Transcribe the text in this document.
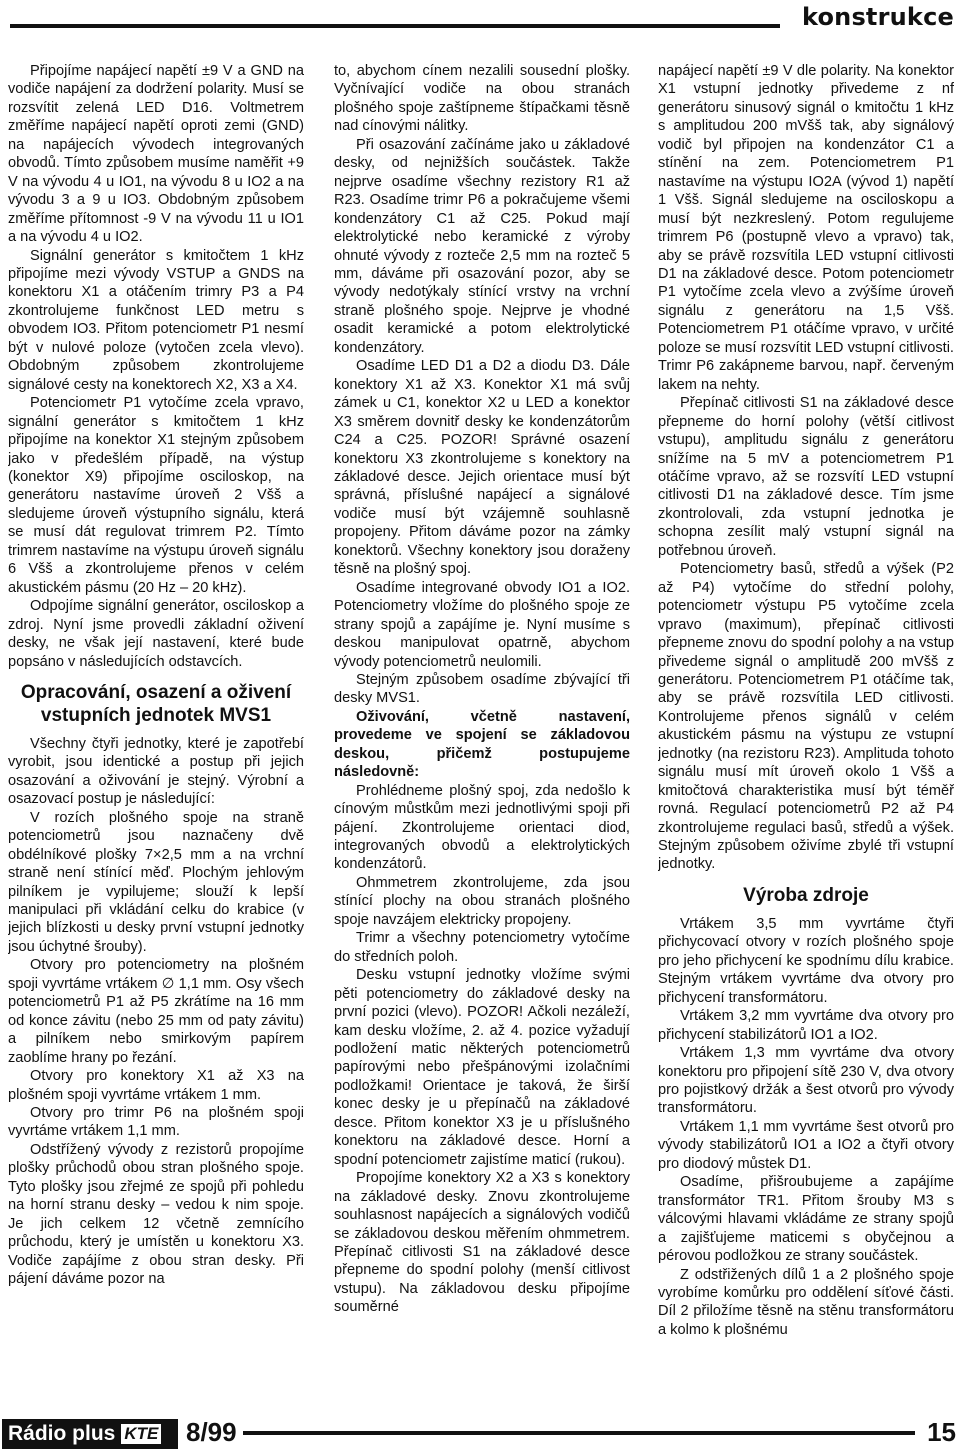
konstrukce

Připojíme napájecí napětí ±9 V a GND na vodiče napájení za dodržení polarity. Musí se rozsvítit zelená LED D16. Voltmetrem změříme napájecí napětí oproti zemi (GND) na napájecích vývodech integrovaných obvodů. Tímto způsobem musíme naměřit +9 V na vývodu 4 u IO1, na vývodu 8 u IO2 a na vývodu 3 a 9 u IO3. Obdobným způsobem změříme přítomnost -9 V na vývodu 11 u IO1 a na vývodu 4 u IO2.

Signální generátor s kmitočtem 1 kHz připojíme mezi vývody VSTUP a GNDS na konektoru X1 a otáčením trimry P3 a P4 zkontrolujeme funkčnost LED metru s obvodem IO3. Přitom potenciometr P1 nesmí být v nulové poloze (vytočen zcela vlevo). Obdobným způsobem zkontrolujeme signálové cesty na konektorech X2, X3 a X4.

Potenciometr P1 vytočíme zcela vpravo, signální generátor s kmitočtem 1 kHz připojíme na konektor X1 stejným způsobem jako v předešlém případě, na výstup (konektor X9) připojíme osciloskop, na generátoru nastavíme úroveň 2 Všš a sledujeme úroveň výstupního signálu, která se musí dát regulovat trimrem P2. Tímto trimrem nastavíme na výstupu úroveň signálu 6 Všš a zkontrolujeme přenos v celém akustickém pásmu (20 Hz – 20 kHz).

Odpojíme signální generátor, osciloskop a zdroj. Nyní jsme provedli základní oživení desky, ne však její nastavení, které bude popsáno v následujících odstavcích.

Opracování, osazení a oživení vstupních jednotek MVS1

Všechny čtyři jednotky, které je zapotřebí vyrobit, jsou identické a postup při jejich osazování a oživování je stejný. Výrobní a osazovací postup je následující:

V rozích plošného spoje na straně potenciometrů jsou naznačeny dvě obdélníkové plošky 7×2,5 mm a na vrchní straně není stínící měď. Plochým jehlovým pilníkem je vypilujeme; slouží k lepší manipulaci při vkládání celku do krabice (v jejich blízkosti u desky první vstupní jednotky jsou úchytné šrouby).

Otvory pro potenciometry na plošném spoji vyvrtáme vrtákem ∅ 1,1 mm. Osy všech potenciometrů P1 až P5 zkrátíme na 16 mm od konce závitu (nebo 25 mm od paty závitu) a pilníkem nebo smirkovým papírem zaoblíme hrany po řezání.

Otvory pro konektory X1 až X3 na plošném spoji vyvrtáme vrtákem 1 mm.

Otvory pro trimr P6 na plošném spoji vyvrtáme vrtákem 1,1 mm.

Odstřížený vývody z rezistorů propojíme plošky průchodů obou stran plošného spoje. Tyto plošky jsou zřejmé ze spojů při pohledu na horní stranu desky – vedou k nim spoje. Je jich celkem 12 včetně zemnícího průchodu, který je umístěn u konektoru X3. Vodiče zapájíme z obou stran desky. Při pájení dáváme pozor na

to, abychom cínem nezalili sousední plošky. Vyčnívající vodiče na obou stranách plošného spoje zaštípneme štípačkami těsně nad cínovými nálitky.

Při osazování začínáme jako u základové desky, od nejnižších součástek. Takže nejprve osadíme všechny rezistory R1 až R23. Osadíme trimr P6 a pokračujeme všemi kondenzátory C1 až C25. Pokud mají elektrolytické nebo keramické z výroby ohnuté vývody z rozteče 2,5 mm na rozteč 5 mm, dáváme při osazování pozor, aby se vývody nedotýkaly stínící vrstvy na vrchní straně plošného spoje. Nejprve je vhodné osadit keramické a potom elektrolytické kondenzátory.

Osadíme LED D1 a D2 a diodu D3. Dále konektory X1 až X3. Konektor X1 má svůj zámek u C1, konektor X2 u LED a konektor X3 směrem dovnitř desky ke kondenzátorům C24 a C25. POZOR! Správné osazení konektoru X3 zkontrolujeme s konektory na základové desce. Jejich orientace musí být správná, přísluŝné napájecí a signálové vodiče musí být vzájemně souhlasně propojeny. Přitom dáváme pozor na zámky konektorů. Všechny konektory jsou doraženy těsně na plošný spoj.

Osadíme integrované obvody IO1 a IO2. Potenciometry vložíme do plošného spoje ze strany spojů a zapájíme je. Nyní musíme s deskou manipulovat opatrně, abychom vývody potenciometrů neulomili.

Stejným způsobem osadíme zbývající tři desky MVS1.

Oživování, včetně nastavení, provedeme ve spojení se základovou deskou, přičemž postupujeme následovně:

Prohlédneme plošný spoj, zda nedošlo k cínovým můstkům mezi jednotlivými spoji při pájení. Zkontrolujeme orientaci diod, integrovaných obvodů a elektrolytických kondenzátorů.

Ohmmetrem zkontrolujeme, zda jsou stínící plochy na obou stranách plošného spoje navzájem elektricky propojeny.

Trimr a všechny potenciometry vytočíme do středních poloh.

Desku vstupní jednotky vložíme svými pěti potenciometry do základové desky na první pozici (vlevo). POZOR! Ačkoli nezáleží, kam desku vložíme, 2. až 4. pozice vyžadují podložení matic některých potenciometrů papírovými nebo přešpánovými izolačními podložkami! Orientace je taková, že širší konec desky je u přepínačů na základové desce. Přitom konektor X3 je u příslušného konektoru na základové desce. Horní a spodní potenciometr zajistíme maticí (rukou).

Propojíme konektory X2 a X3 s konektory na základové desky. Znovu zkontrolujeme souhlasnost napájecích a signálových vodičů se základovou deskou měřením ohmmetrem. Přepínač citlivosti S1 na základové desce přepneme do spodní polohy (menší citlivost vstupu). Na základovou desku připojíme souměrné

napájecí napětí ±9 V dle polarity. Na konektor X1 vstupní jednotky přivedeme z nf generátoru sinusový signál o kmitočtu 1 kHz s amplitudou 200 mVšš tak, aby signálový vodič byl připojen na kondenzátor C1 a stínění na zem. Potenciometrem P1 nastavíme na výstupu IO2A (vývod 1) napětí 1 Všš. Signál sledujeme na osciloskopu a musí být nezkreslený. Potom regulujeme trimrem P6 (postupně vlevo a vpravo) tak, aby se právě rozsvítila LED vstupní citlivosti D1 na základové desce. Potom potenciometr P1 vytočíme zcela vlevo a zvýšíme úroveň signálu z generátoru na 1,5 Všš. Potenciometrem P1 otáčíme vpravo, v určité poloze se musí rozsvítit LED vstupní citlivosti. Trimr P6 zakápneme barvou, např. červeným lakem na nehty.

Přepínač citlivosti S1 na základové desce přepneme do horní polohy (větší citlivost vstupu), amplitudu signálu z generátoru snížíme na 5 mV a potenciometrem P1 otáčíme vpravo, až se rozsvítí LED vstupní citlivosti D1 na základové desce. Tím jsme zkontrolovali, zda vstupní jednotka je schopna zesílit malý vstupní signál na potřebnou úroveň.

Potenciometry basů, středů a výšek (P2 až P4) vytočíme do střední polohy, potenciometr výstupu P5 vytočíme zcela vpravo (maximum), přepínač citlivosti přepneme znovu do spodní polohy a na vstup přivedeme signál o amplitudě 200 mVšš z generátoru. Potenciometrem P1 otáčíme tak, aby se právě rozsvítila LED citlivosti. Kontrolujeme přenos signálů v celém akustickém pásmu na výstupu ze vstupní jednotky (na rezistoru R23). Amplituda tohoto signálu musí mít úroveň okolo 1 Všš a kmitočtová charakteristika musí být téměř rovná. Regulací potenciometrů P2 až P4 zkontrolujeme regulaci basů, středů a výšek. Stejným způsobem oživíme zbylé tři vstupní jednotky.

Výroba zdroje

Vrtákem 3,5 mm vyvrtáme čtyři přichycovací otvory v rozích plošného spoje pro jeho přichycení ke spodnímu dílu krabice. Stejným vrtákem vyvrtáme dva otvory pro přichycení transformátoru.

Vrtákem 3,2 mm vyvrtáme dva otvory pro přichycení stabilizátorů IO1 a IO2.

Vrtákem 1,3 mm vyvrtáme dva otvory konektoru pro připojení sítě 230 V, dva otvory pro pojistkový držák a šest otvorů pro vývody transformátoru.

Vrtákem 1,1 mm vyvrtáme šest otvorů pro vývody stabilizátorů IO1 a IO2 a čtyři otvory pro diodový můstek D1.

Osadíme, přišroubujeme a zapájíme transformátor TR1. Přitom šrouby M3 s válcovými hlavami vkládáme ze strany spojů a zajišťujeme maticemi s obyčejnou a pérovou podložkou ze strany součástek.

Z odstřižených dílů 1 a 2 plošného spoje vyrobíme komůrku pro oddělení síťové části. Díl 2 přiložíme těsně na stěnu transformátoru a kolmo k plošnému

Rádio plus KTE 8/99	15
